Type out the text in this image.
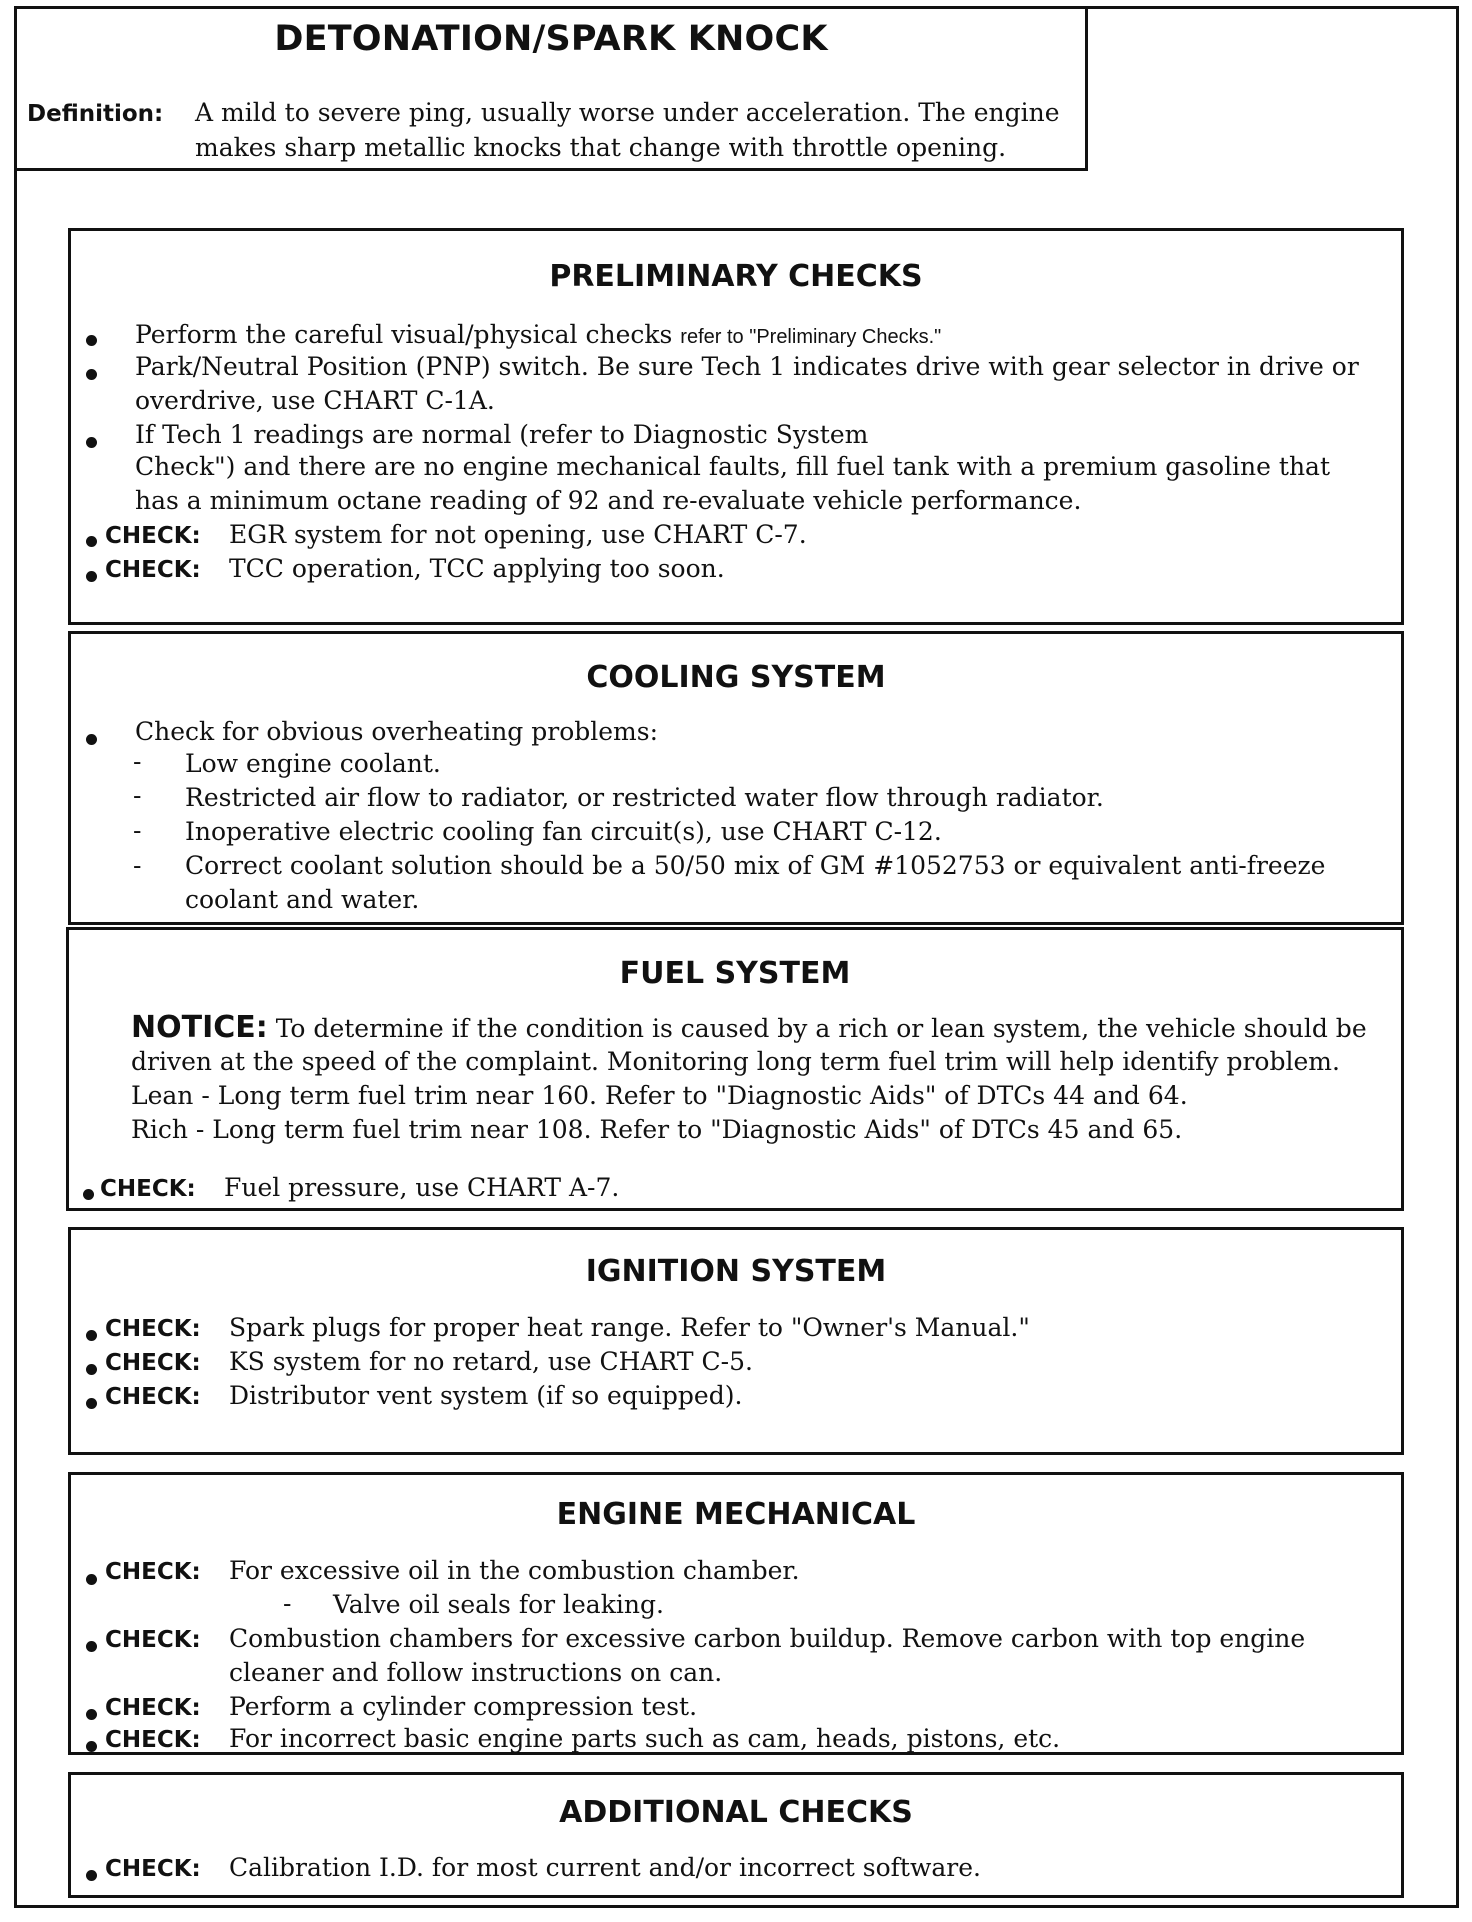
DETONATION/SPARK KNOCK
Definition: A mild to severe ping, usually worse under acceleration. The engine makes sharp metallic knocks that change with throttle opening.
PRELIMINARY CHECKS
Perform the careful visual/physical checks refer to "Preliminary Checks."
Park/Neutral Position (PNP) switch. Be sure Tech 1 indicates drive with gear selector in drive or
overdrive, use CHART C-1A.
If Tech 1 readings are normal (refer to Diagnostic System
Check") and there are no engine mechanical faults, fill fuel tank with a premium gasoline that
has a minimum octane reading of 92 and re-evaluate vehicle performance.
CHECK: EGR system for not opening, use CHART C-7.
CHECK: TCC operation, TCC applying too soon.
COOLING SYSTEM
Check for obvious overheating problems:
- Low engine coolant.
- Restricted air flow to radiator, or restricted water flow through radiator.
- Inoperative electric cooling fan circuit(s), use CHART C-12.
- Correct coolant solution should be a 50/50 mix of GM #1052753 or equivalent anti-freeze
coolant and water.
FUEL SYSTEM
NOTICE: To determine if the condition is caused by a rich or lean system, the vehicle should be
driven at the speed of the complaint. Monitoring long term fuel trim will help identify problem.
Lean - Long term fuel trim near 160. Refer to "Diagnostic Aids" of DTCs 44 and 64.
Rich - Long term fuel trim near 108. Refer to "Diagnostic Aids" of DTCs 45 and 65.
CHECK: Fuel pressure, use CHART A-7.
IGNITION SYSTEM
CHECK: Spark plugs for proper heat range. Refer to "Owner's Manual."
CHECK: KS system for no retard, use CHART C-5.
CHECK: Distributor vent system (if so equipped).
ENGINE MECHANICAL
CHECK: For excessive oil in the combustion chamber.
- Valve oil seals for leaking.
CHECK: Combustion chambers for excessive carbon buildup. Remove carbon with top engine
cleaner and follow instructions on can.
CHECK: Perform a cylinder compression test.
CHECK: For incorrect basic engine parts such as cam, heads, pistons, etc.
ADDITIONAL CHECKS
CHECK: Calibration I.D. for most current and/or incorrect software.
